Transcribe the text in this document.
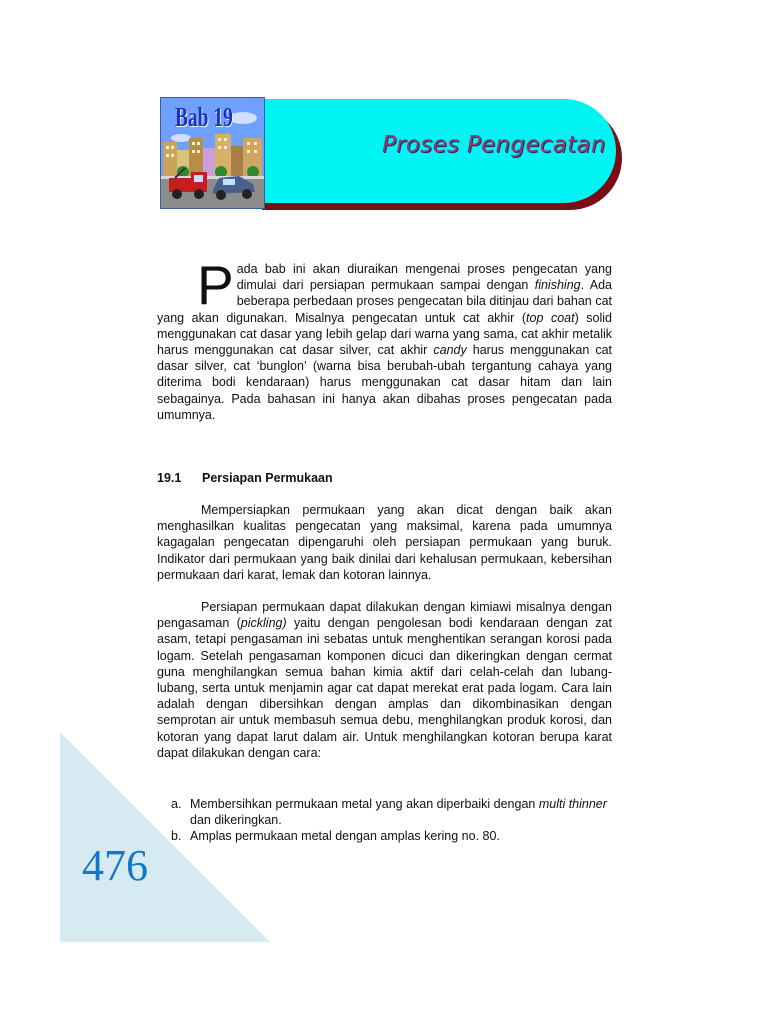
Proses Pengecatan
Bab 19
P ada bab ini akan diuraikan mengenai proses pengecatan yang dimulai dari persiapan permukaan sampai dengan finishing. Ada beberapa perbedaan proses pengecatan bila ditinjau dari bahan cat yang akan digunakan. Misalnya pengecatan untuk cat akhir (top coat) solid menggunakan cat dasar yang lebih gelap dari warna yang sama, cat akhir metalik harus menggunakan cat dasar silver, cat akhir candy harus menggunakan cat dasar silver, cat ‘bunglon’ (warna bisa berubah-ubah tergantung cahaya yang diterima bodi kendaraan) harus menggunakan cat dasar hitam dan lain sebagainya. Pada bahasan ini hanya akan dibahas proses pengecatan pada umumnya.
19.1 Persiapan Permukaan
Mempersiapkan permukaan yang akan dicat dengan baik akan menghasilkan kualitas pengecatan yang maksimal, karena pada umumnya kagagalan pengecatan dipengaruhi oleh persiapan permukaan yang buruk. Indikator dari permukaan yang baik dinilai dari kehalusan permukaan, kebersihan permukaan dari karat, lemak dan kotoran lainnya.
Persiapan permukaan dapat dilakukan dengan kimiawi misalnya dengan pengasaman (pickling) yaitu dengan pengolesan bodi kendaraan dengan zat asam, tetapi pengasaman ini sebatas untuk menghentikan serangan korosi pada logam. Setelah pengasaman komponen dicuci dan dikeringkan dengan cermat guna menghilangkan semua bahan kimia aktif dari celah-celah dan lubang-lubang, serta untuk menjamin agar cat dapat merekat erat pada logam. Cara lain adalah dengan dibersihkan dengan amplas dan dikombinasikan dengan semprotan air untuk membasuh semua debu, menghilangkan produk korosi, dan kotoran yang dapat larut dalam air. Untuk menghilangkan kotoran berupa karat dapat dilakukan dengan cara:
a. Membersihkan permukaan metal yang akan diperbaiki dengan multi thinner dan dikeringkan.
b. Amplas permukaan metal dengan amplas kering no. 80.
476
